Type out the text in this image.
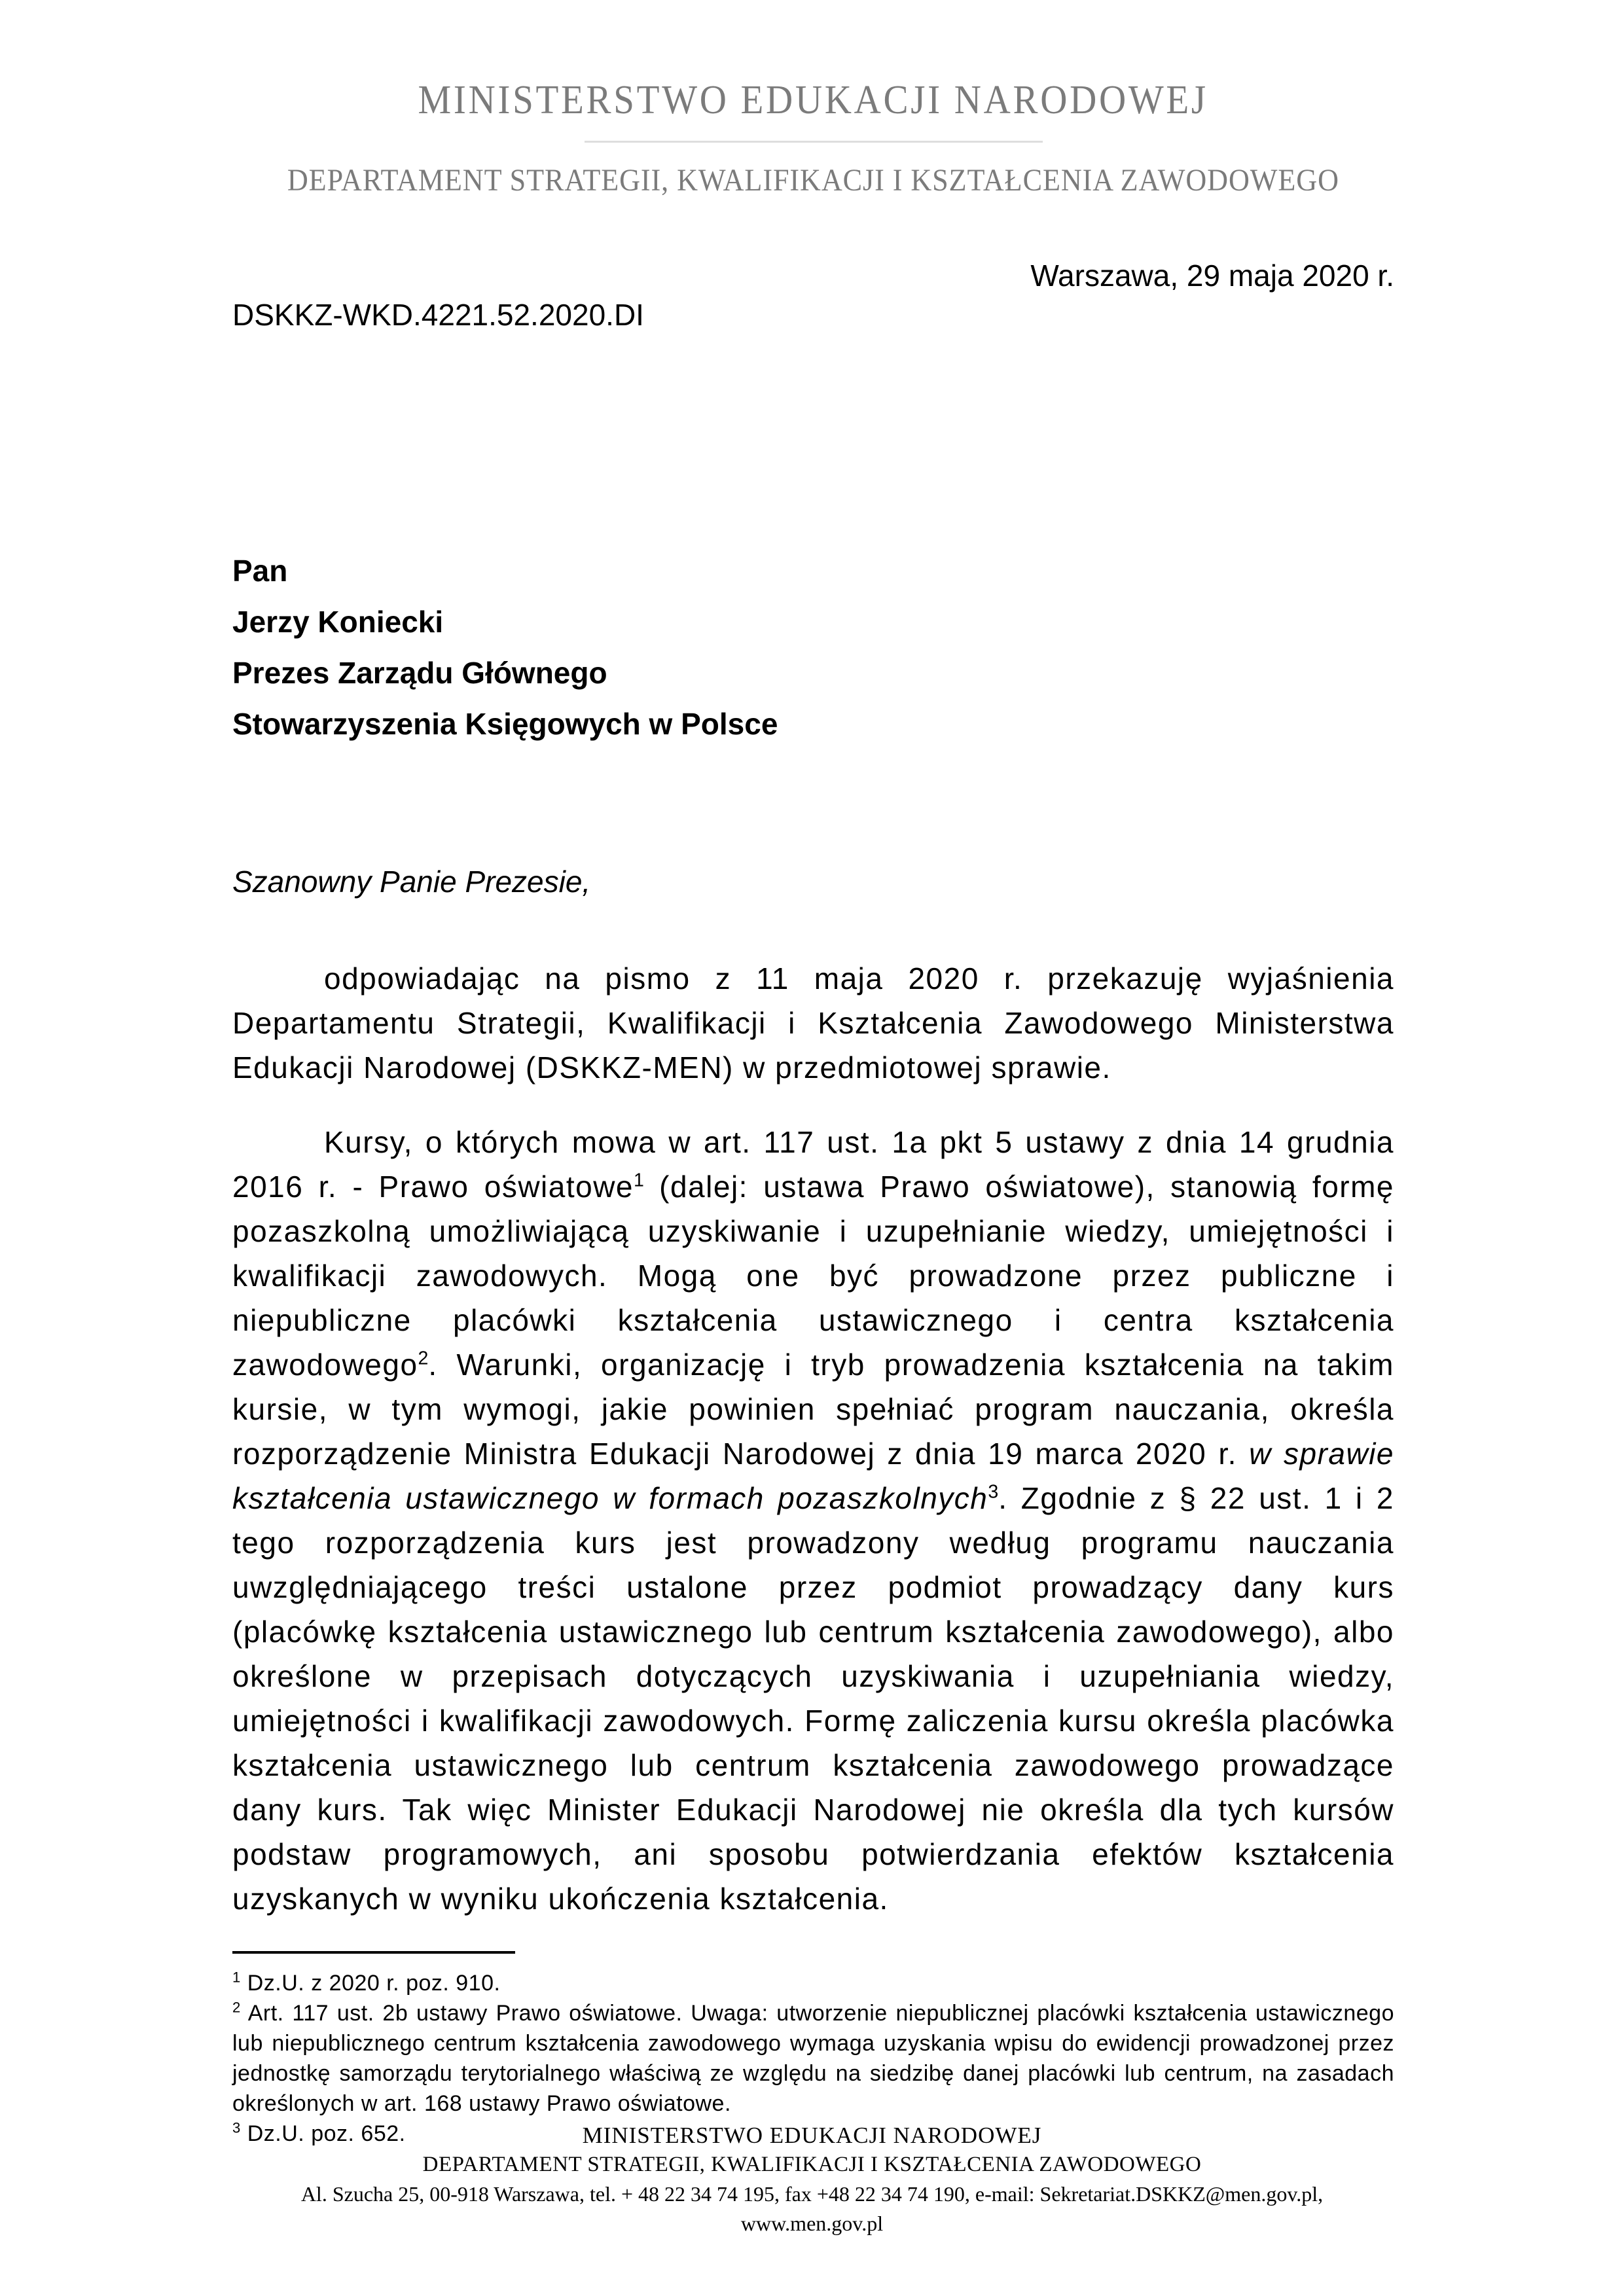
MINISTERSTWO EDUKACJI NARODOWEJ
DEPARTAMENT STRATEGII, KWALIFIKACJI I KSZTAŁCENIA ZAWODOWEGO
Warszawa, 29 maja 2020 r.
DSKKZ-WKD.4221.52.2020.DI
Pan
Jerzy Koniecki
Prezes Zarządu Głównego
Stowarzyszenia Księgowych w Polsce
Szanowny Panie Prezesie,

odpowiadając na pismo z 11 maja 2020 r. przekazuję wyjaśnienia Departamentu Strategii, Kwalifikacji i Kształcenia Zawodowego Ministerstwa Edukacji Narodowej (DSKKZ-MEN) w przedmiotowej sprawie.

Kursy, o których mowa w art. 117 ust. 1a pkt 5 ustawy z dnia 14 grudnia 2016 r. - Prawo oświatowe$^1$ (dalej: ustawa Prawo oświatowe), stanowią formę pozaszkolną umożliwiającą uzyskiwanie i uzupełnianie wiedzy, umiejętności i kwalifikacji zawodowych. Mogą one być prowadzone przez publiczne i niepubliczne placówki kształcenia ustawicznego i centra kształcenia zawodowego$^2$. Warunki, organizację i tryb prowadzenia kształcenia na takim kursie, w tym wymogi, jakie powinien spełniać program nauczania, określa rozporządzenie Ministra Edukacji Narodowej z dnia 19 marca 2020 r. w sprawie kształcenia ustawicznego w formach pozaszkolnych$^3$. Zgodnie z § 22 ust. 1 i 2 tego rozporządzenia kurs jest prowadzony według programu nauczania uwzględniającego treści ustalone przez podmiot prowadzący dany kurs (placówkę kształcenia ustawicznego lub centrum kształcenia zawodowego), albo określone w przepisach dotyczących uzyskiwania i uzupełniania wiedzy, umiejętności i kwalifikacji zawodowych. Formę zaliczenia kursu określa placówka kształcenia ustawicznego lub centrum kształcenia zawodowego prowadzące dany kurs. Tak więc Minister Edukacji Narodowej nie określa dla tych kursów podstaw programowych, ani sposobu potwierdzania efektów kształcenia uzyskanych w wyniku ukończenia kształcenia.

$^1$ Dz.U. z 2020 r. poz. 910.

$^2$ Art. 117 ust. 2b ustawy Prawo oświatowe. Uwaga: utworzenie niepublicznej placówki kształcenia ustawicznego lub niepublicznego centrum kształcenia zawodowego wymaga uzyskania wpisu do ewidencji prowadzonej przez jednostkę samorządu terytorialnego właściwą ze względu na siedzibę danej placówki lub centrum, na zasadach określonych w art. 168 ustawy Prawo oświatowe.

$^3$ Dz.U. poz. 652.	MINISTERSTWO EDUKACJI NARODOWEJ
DEPARTAMENT STRATEGII, KWALIFIKACJI I KSZTAŁCENIA ZAWODOWEGO
Al. Szucha 25, 00-918 Warszawa, tel. + 48 22 34 74 195, fax +48 22 34 74 190, e-mail: Sekretariat.DSKKZ@men.gov.pl,
www.men.gov.pl
